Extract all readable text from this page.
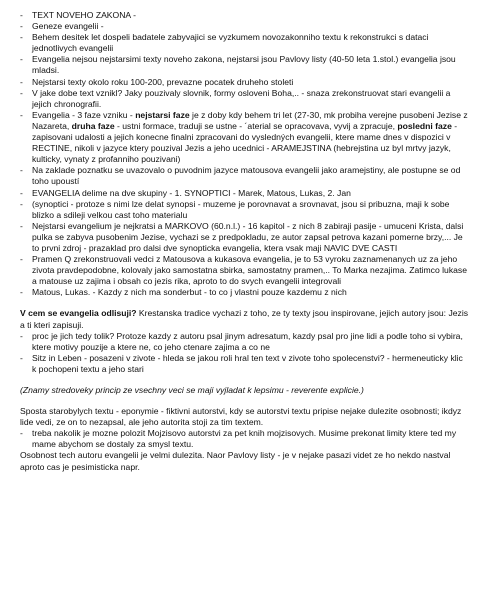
- TEXT NOVEHO ZAKONA -
- Geneze evangelii -
- Behem desitek let dospeli badatele zabyvajici se vyzkumem novozakonniho textu k rekonstrukci s dataci jednotlivych evangelii
- Evangelia nejsou nejstarsimi texty noveho zakona, nejstarsi jsou Pavlovy listy (40-50 leta 1.stol.) evangelia jsou mladsi.
- Nejstarsi texty okolo roku 100-200, prevazne pocatek druheho stoleti
- V jake dobe text vznikl? Jaky pouzivaly slovnik, formy osloveni Boha,.. - snaza zrekonstruovat stari evangelii a jejich chronografii.
- Evangelia - 3 faze vzniku - nejstarsi faze je z doby kdy behem tri let (27-30, mk probiha verejne pusobeni Jezise z Nazareta, druha faze - ustni formace, traduji se ustne - ´aterial se opracovava, vyvij a zpracuje, posledni faze - zapisovani udalosti a jejich konecne finalni zpracovani do vysledných evangelii, ktere mame dnes v dispozici v RECTINE, nikoli v jazyce ktery pouzival Jezis a jeho ucednici - ARAMEJSTINA (hebrejstina uz byl mrtvy jazyk, kulticky, vynaty z profanniho pouzivani)
- Na zaklade poznatku se uvazovalo o puvodnim jazyce matousova evangelii jako aramejstiny, ale postupne se od toho upoustí
- EVANGELIA delime na dve skupiny - 1. SYNOPTICI - Marek, Matous, Lukas, 2. Jan
- (synoptici - protoze s nimi lze delat synopsi - muzeme je porovnavat a srovnavat, jsou si pribuzna, maji k sobe blizko a sdileji velkou cast toho materialu
- Nejstarsi evangelium je nejkratsi a MARKOVO (60.n.l.) - 16 kapitol - z nich 8 zabiraji pasije - umuceni Krista, dalsi pulka se zabyva pusobenim Jezise, vychazi se z predpokladu, ze autor zapsal petrova kazani pomerne brzy,... Je to prvni zdroj - prazaklad pro dalsi dve synopticka evangelia, ktera vsak maji NAVIC DVE CASTI
- Pramen Q zrekonstruovali vedci z Matousova a kukasova evangelia, je to 53 vyroku zaznamenanych uz za jeho zivota pravdepodobne, kolovaly jako samostatna sbirka, samostatny pramen,.. To Marka nezajima. Zatimco lukase a matouse uz zajima i obsah co jezis rika, aproto to do svych evangelii integrovali
- Matous, Lukas. - Kazdy z nich ma sonderbut - to co j vlastni pouze kazdemu z nich

V cem se evangelia odlisuji? Krestanska tradice vychazi z toho, ze ty texty jsou inspirovane, jejich autory jsou: Jezis a ti kteri zapisuji.

- proc je jich tedy tolik? Protoze kazdy z autoru psal jinym adresatum, kazdy psal pro jine lidi a podle toho si vybira, ktere motivy pouzije a ktere ne, co jeho ctenare zajima a co ne
- Sitz in Leben - posazeni v zivote - hleda se jakou roli hral ten text v zivote toho spolecenstvi? - hermeneuticky klic k pochopeni textu a jeho stari

(Znamy stredoveky princip ze vsechny veci se maji vyjladat k lepsimu - reverente explicie.)

Sposta starobylych textu - eponymie - fiktivni autorstvi, kdy se autorstvi textu pripise nejake dulezite osobnosti; ikdyz lide vedi, ze on to nezapsal, ale jeho autorita stoji za tim textem.

- treba nakolik je mozne polozit Mojzisovo autorstvi za pet knih mojzisovych. Musime prekonat limity ktere ted my mame abychom se dostaly za smysl textu.

Osobnost tech autoru evangelii je velmi dulezita. Naor Pavlovy listy - je v nejake pasazi videt ze ho nekdo nastval aproto cas je pesimisticka napr.
